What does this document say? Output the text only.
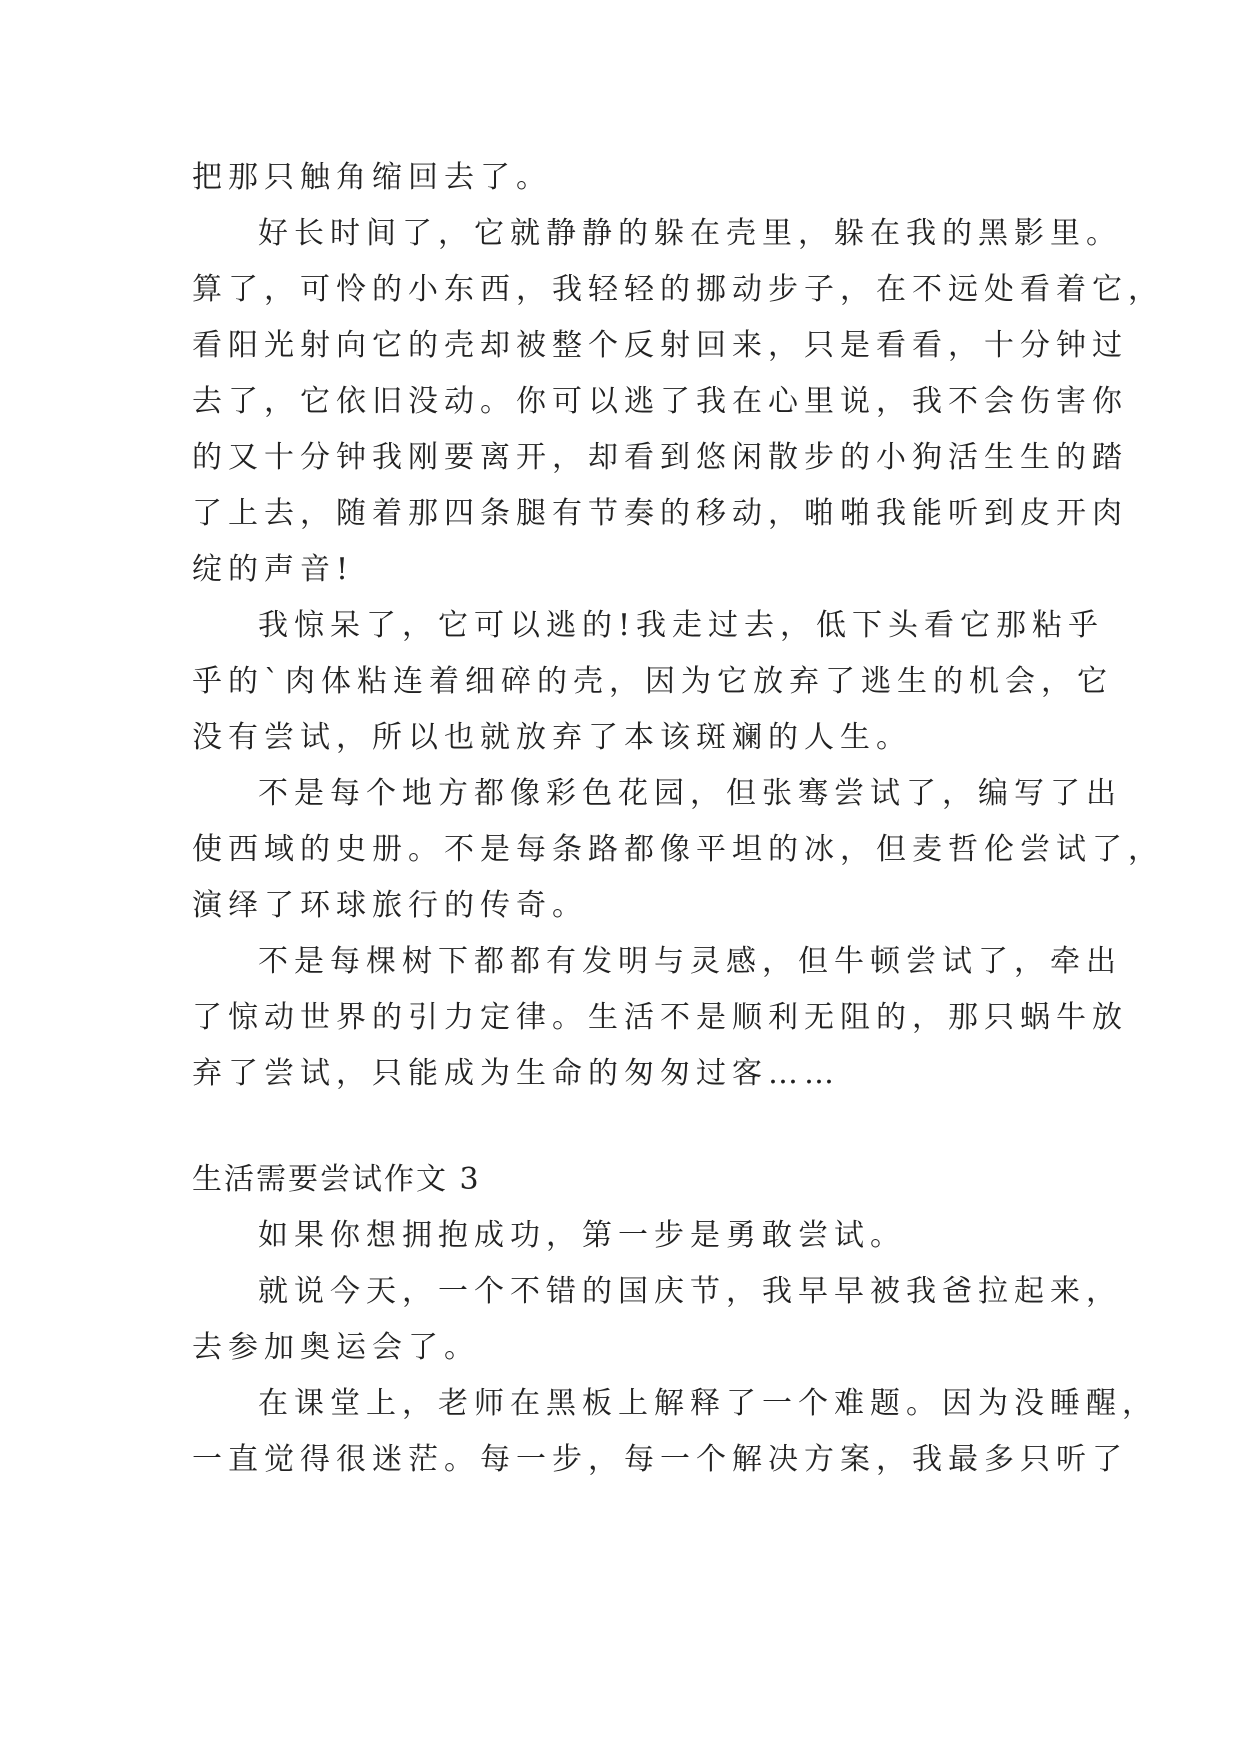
把那只触角缩回去了。

好长时间了，它就静静的躲在壳里，躲在我的黑影里。
算了，可怜的小东西，我轻轻的挪动步子，在不远处看着它，
看阳光射向它的壳却被整个反射回来，只是看看，十分钟过
去了，它依旧没动。你可以逃了我在心里说，我不会伤害你
的又十分钟我刚要离开，却看到悠闲散步的小狗活生生的踏
了上去，随着那四条腿有节奏的移动，啪啪我能听到皮开肉
绽的声音!

我惊呆了，它可以逃的!我走过去，低下头看它那粘乎
乎的`肉体粘连着细碎的壳，因为它放弃了逃生的机会，它
没有尝试，所以也就放弃了本该斑斓的人生。

不是每个地方都像彩色花园，但张骞尝试了，编写了出
使西域的史册。不是每条路都像平坦的冰，但麦哲伦尝试了，
演绎了环球旅行的传奇。

不是每棵树下都都有发明与灵感，但牛顿尝试了，牵出
了惊动世界的引力定律。生活不是顺利无阻的，那只蜗牛放
弃了尝试，只能成为生命的匆匆过客……

生活需要尝试作文 3

如果你想拥抱成功，第一步是勇敢尝试。

就说今天，一个不错的国庆节，我早早被我爸拉起来，
去参加奥运会了。

在课堂上，老师在黑板上解释了一个难题。因为没睡醒，
一直觉得很迷茫。每一步，每一个解决方案，我最多只听了
